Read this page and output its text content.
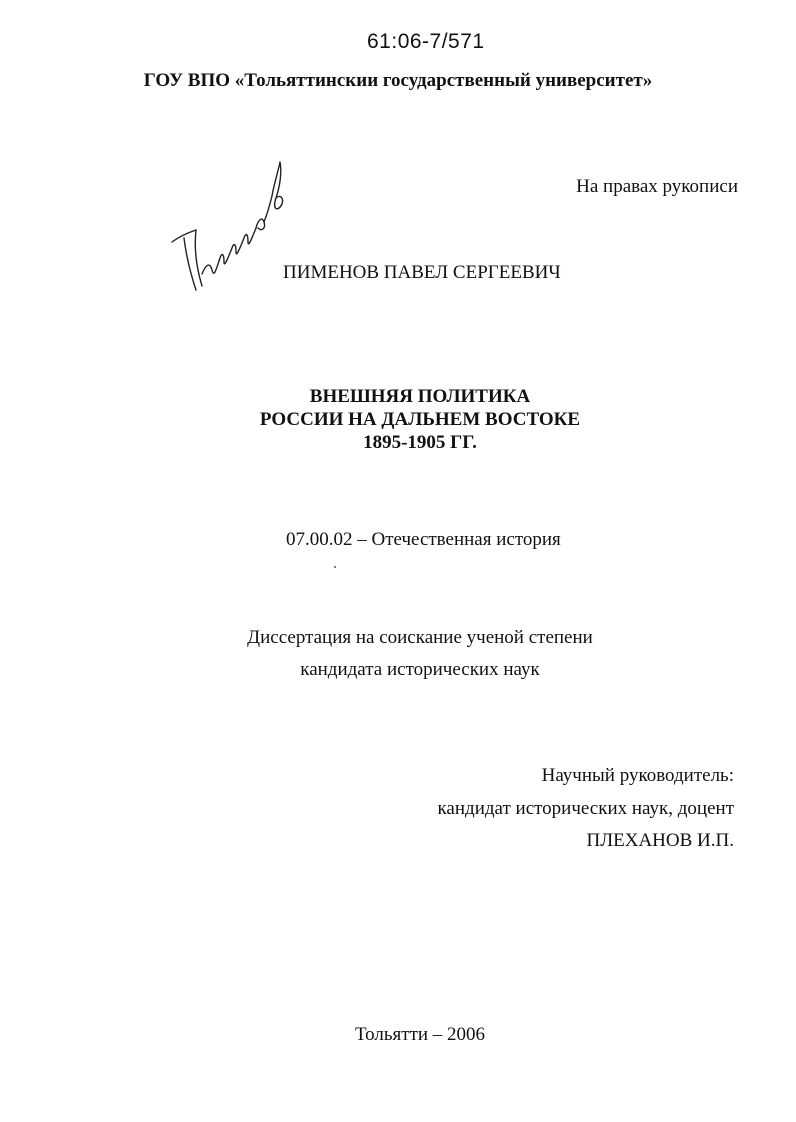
61:06-7/571

ГОУ ВПО «Тольяттинскии государственный университет»

На правах рукописи

ПИМЕНОВ ПАВЕЛ СЕРГЕЕВИЧ

ВНЕШНЯЯ ПОЛИТИКА

РОССИИ НА ДАЛЬНЕМ ВОСТОКЕ

1895-1905 ГГ.

07.00.02 – Отечественная история

Диссертация на соискание ученой степени

кандидата исторических наук

Научный руководитель:

кандидат исторических наук, доцент

ПЛЕХАНОВ И.П.

Тольятти – 2006
